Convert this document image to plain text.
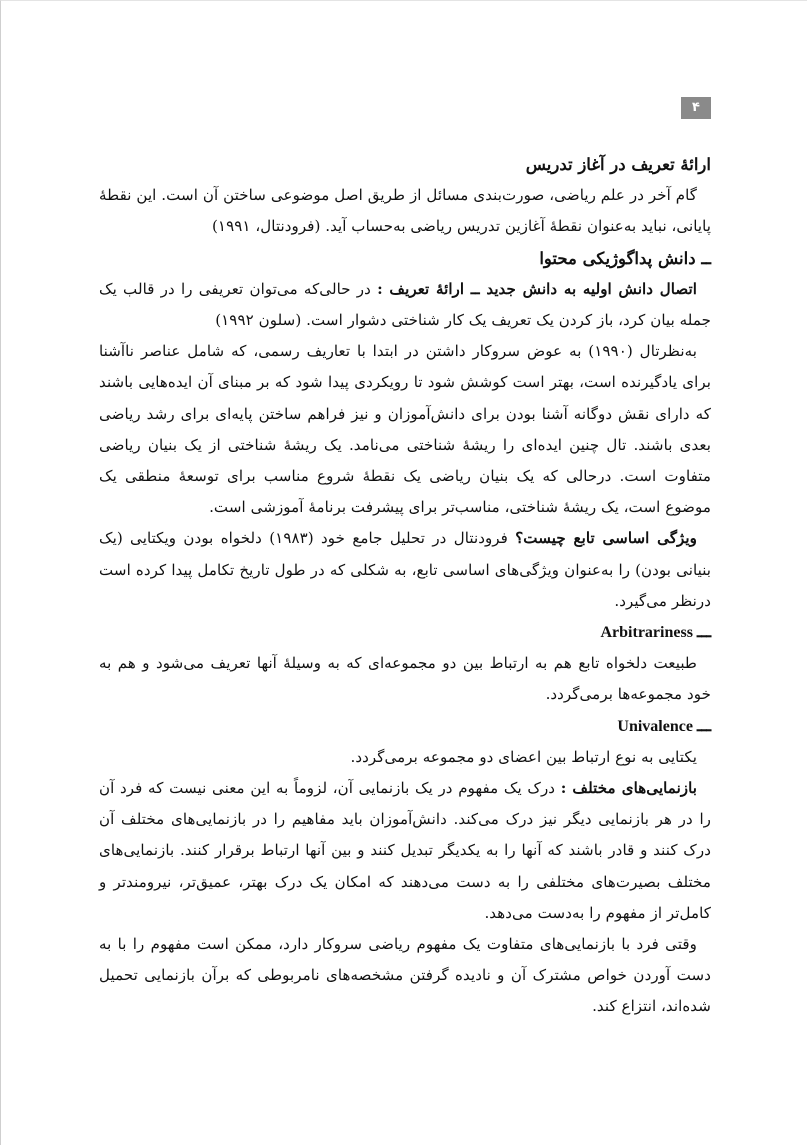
۴

ارائهٔ تعریف در آغاز تدریس

گام آخر در علم ریاضی، صورت‌بندی مسائل از طریق اصل موضوعی ساختن آن است. این نقطهٔ پایانی، نباید به‌عنوان نقطهٔ آغازین تدریس ریاضی به‌حساب آید. (فرودنتال، ۱۹۹۱)

ــ دانش پداگوژیکی محتوا

اتصال دانش اولیه به دانش جدید ــ ارائهٔ تعریف : در حالی‌که می‌توان تعریفی را در قالب یک جمله بیان کرد، باز کردن یک تعریف یک کار شناختی دشوار است. (سلون ۱۹۹۲)

به‌نظرتال (۱۹۹۰) به عوض سروکار داشتن در ابتدا با تعاریف رسمی، که شامل عناصر ناآشنا برای یادگیرنده است، بهتر است کوشش شود تا رویکردی پیدا شود که بر مبنای آن ایده‌هایی باشند که دارای نقش دوگانه آشنا بودن برای دانش‌آموزان و نیز فراهم ساختن پایه‌ای برای رشد ریاضی بعدی باشند. تال چنین ایده‌ای را ریشهٔ شناختی می‌نامد. یک ریشهٔ شناختی از یک بنیان ریاضی متفاوت است. درحالی که یک بنیان ریاضی یک نقطهٔ شروع مناسب برای توسعهٔ منطقی یک موضوع است، یک ریشهٔ شناختی، مناسب‌تر برای پیشرفت برنامهٔ آموزشی است.

ویژگی اساسی تابع چیست؟ فرودنتال در تحلیل جامع خود (۱۹۸۳) دلخواه بودن ویکتایی (یک بنیانی بودن) را به‌عنوان ویژگی‌های اساسی تابع، به شکلی که در طول تاریخ تکامل پیدا کرده است درنظر می‌گیرد.

Arbitrariness ـــ

طبیعت دلخواه تابع هم به ارتباط بین دو مجموعه‌ای که به وسیلهٔ آنها تعریف می‌شود و هم به خود مجموعه‌ها برمی‌گردد.

Univalence ـــ

یکتایی به نوع ارتباط بین اعضای دو مجموعه برمی‌گردد.

بازنمایی‌های مختلف : درک یک مفهوم در یک بازنمایی آن، لزوماً به این معنی نیست که فرد آن را در هر بازنمایی دیگر نیز درک می‌کند. دانش‌آموزان باید مفاهیم را در بازنمایی‌های مختلف آن درک کنند و قادر باشند که آنها را به یکدیگر تبدیل کنند و بین آنها ارتباط برقرار کنند. بازنمایی‌های مختلف بصیرت‌های مختلفی را به دست می‌دهند که امکان یک درک بهتر، عمیق‌تر، نیرومندتر و کامل‌تر از مفهوم را به‌دست می‌دهد.

وقتی فرد با بازنمایی‌های متفاوت یک مفهوم ریاضی سروکار دارد، ممکن است مفهوم را با به دست آوردن خواص مشترک آن و نادیده گرفتن مشخصه‌های نامربوطی که برآن بازنمایی تحمیل شده‌اند، انتزاع کند.
